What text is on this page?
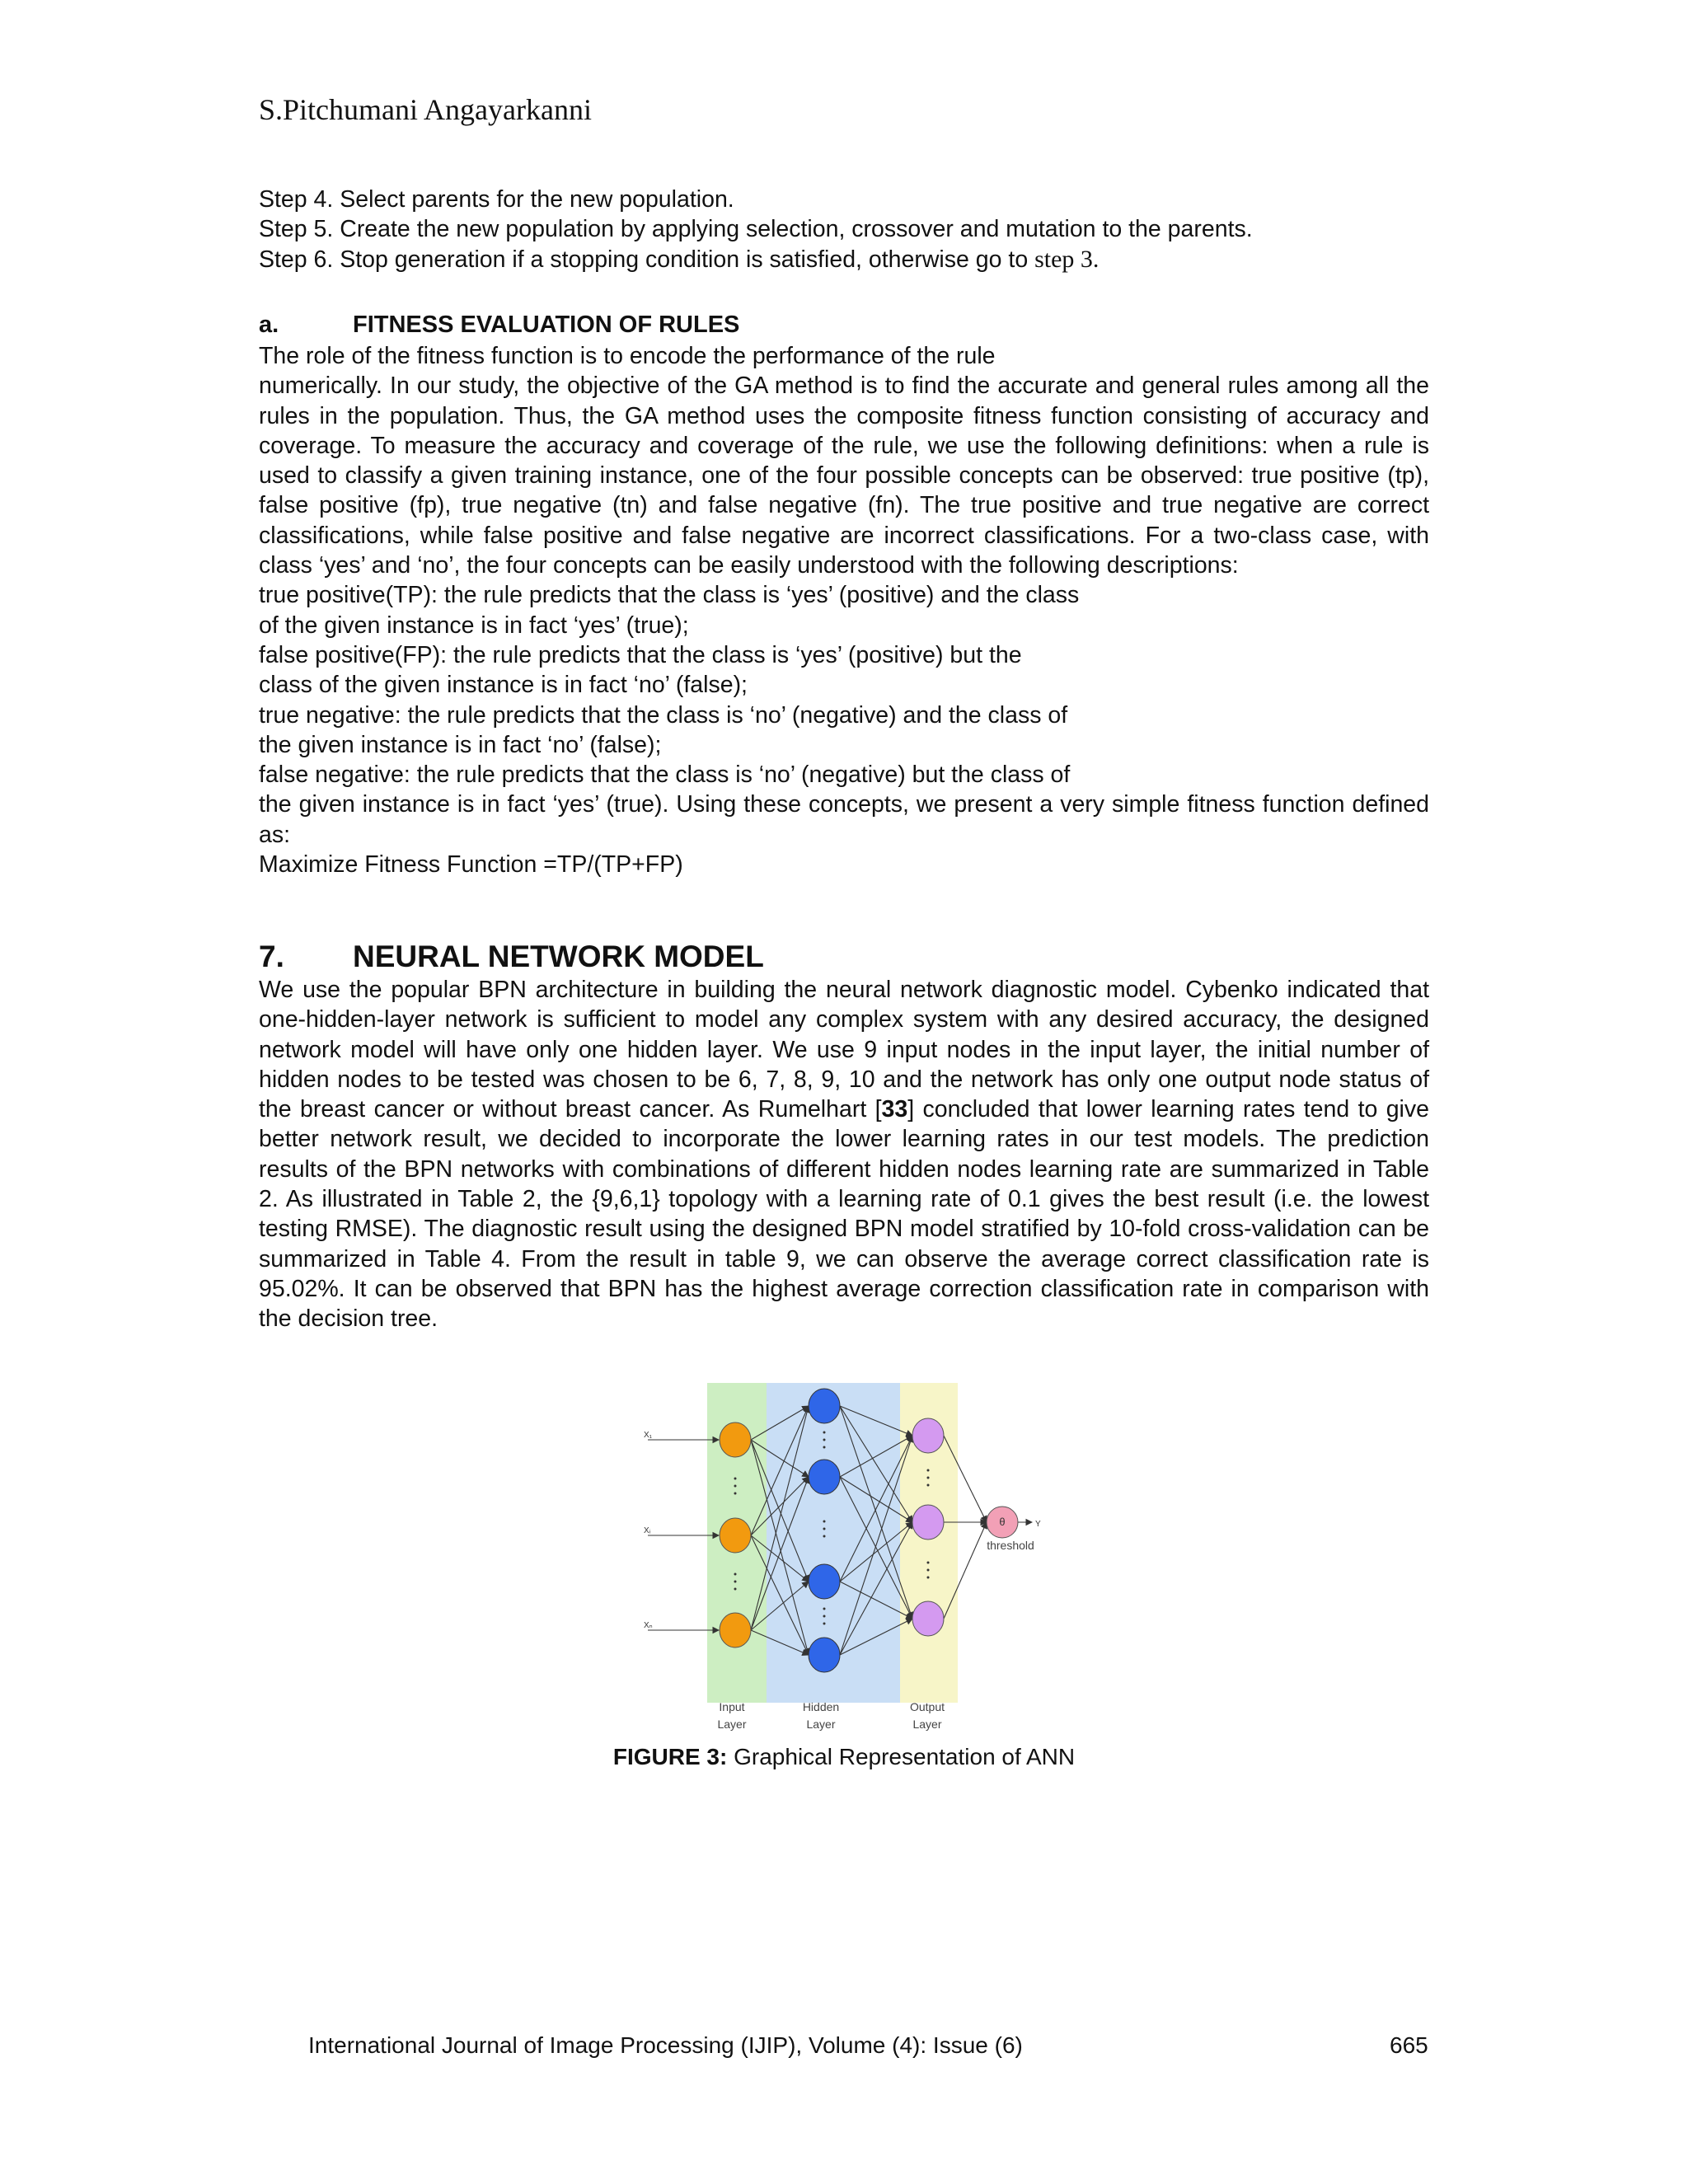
S.Pitchumani Angayarkanni

Step 4. Select parents for the new population.

Step 5. Create the new population by applying selection, crossover and mutation to the parents.

Step 6. Stop generation if a stopping condition is satisfied, otherwise go to step 3.

a.	FITNESS EVALUATION OF RULES

The role of the fitness function is to encode the performance of the rule

numerically. In our study, the objective of the GA method is to find the accurate and general rules among all the rules in the population. Thus, the GA method uses the composite fitness function consisting of accuracy and coverage. To measure the accuracy and coverage of the rule, we use the following definitions: when a rule is used to classify a given training instance, one of the four possible concepts can be observed: true positive (tp), false positive (fp), true negative (tn) and false negative (fn). The true positive and true negative are correct classifications, while false positive and false negative are incorrect classifications. For a two-class case, with class ‘yes’ and ‘no’, the four concepts can be easily understood with the following descriptions:

true positive(TP): the rule predicts that the class is ‘yes’ (positive) and the class

of the given instance is in fact ‘yes’ (true);

false positive(FP): the rule predicts that the class is ‘yes’ (positive) but the

class of the given instance is in fact ‘no’ (false);

true negative: the rule predicts that the class is ‘no’ (negative) and the class of

the given instance is in fact ‘no’ (false);

false negative: the rule predicts that the class is ‘no’ (negative) but the class of

the given instance is in fact ‘yes’ (true). Using these concepts, we present a very simple fitness function defined as:

Maximize Fitness Function =TP/(TP+FP)

7. NEURAL NETWORK MODEL

We use the popular BPN architecture in building the neural network diagnostic model. Cybenko indicated that one-hidden-layer network is sufficient to model any complex system with any desired accuracy, the designed network model will have only one hidden layer. We use 9 input nodes in the input layer, the initial number of hidden nodes to be tested was chosen to be 6, 7, 8, 9, 10 and the network has only one output node status of the breast cancer or without breast cancer. As Rumelhart [33] concluded that lower learning rates tend to give better network result, we decided to incorporate the lower learning rates in our test models. The prediction results of the BPN networks with combinations of different hidden nodes learning rate are summarized in Table 2. As illustrated in Table 2, the {9,6,1} topology with a learning rate of 0.1 gives the best result (i.e. the lowest testing RMSE). The diagnostic result using the designed BPN model stratified by 10-fold cross-validation can be summarized in Table 4. From the result in table 9, we can observe the average correct classification rate is 95.02%. It can be observed that BPN has the highest average correction classification rate in comparison with the decision tree.

X₁
Xᵢ
Xₙ
θ	Y
threshold
Input
Layer
Hidden
Layer
Output
Layer
FIGURE 3: Graphical Representation of ANN
International Journal of Image Processing (IJIP), Volume (4): Issue (6)	665
